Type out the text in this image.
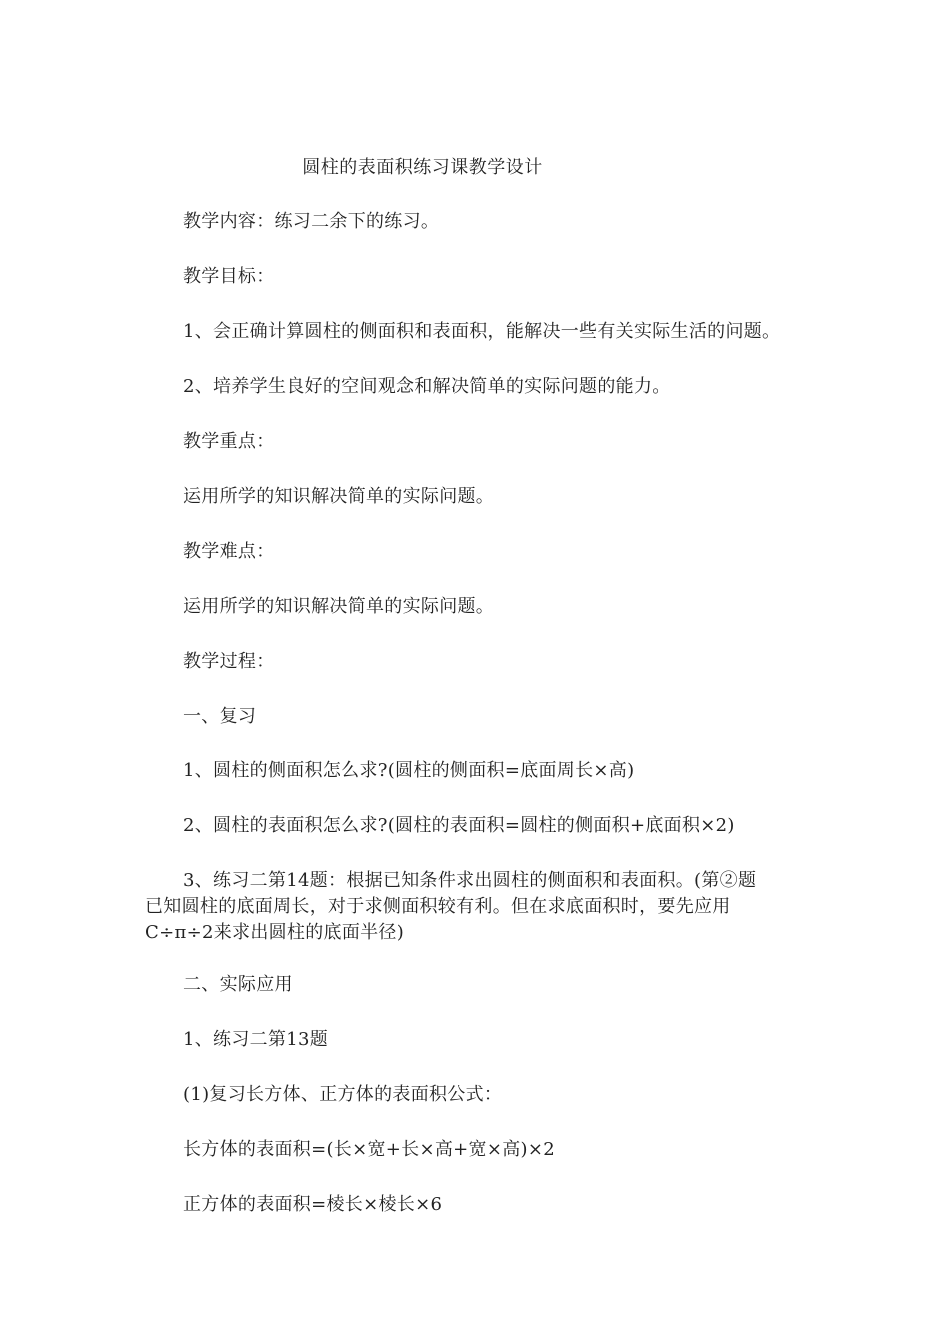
圆柱的表面积练习课教学设计
教学内容：练习二余下的练习。
教学目标：
1、会正确计算圆柱的侧面积和表面积，能解决一些有关实际生活的问题。
2、培养学生良好的空间观念和解决简单的实际问题的能力。
教学重点：
运用所学的知识解决简单的实际问题。
教学难点：
运用所学的知识解决简单的实际问题。
教学过程：
一、复习
1、圆柱的侧面积怎么求?(圆柱的侧面积=底面周长×高)
2、圆柱的表面积怎么求?(圆柱的表面积=圆柱的侧面积+底面积×2)
3、练习二第14题：根据已知条件求出圆柱的侧面积和表面积。(第②题
已知圆柱的底面周长，对于求侧面积较有利。但在求底面积时，要先应用
C÷π÷2来求出圆柱的底面半径)
二、实际应用
1、练习二第13题
(1)复习长方体、正方体的表面积公式：
长方体的表面积=(长×宽+长×高+宽×高)×2
正方体的表面积=棱长×棱长×6
